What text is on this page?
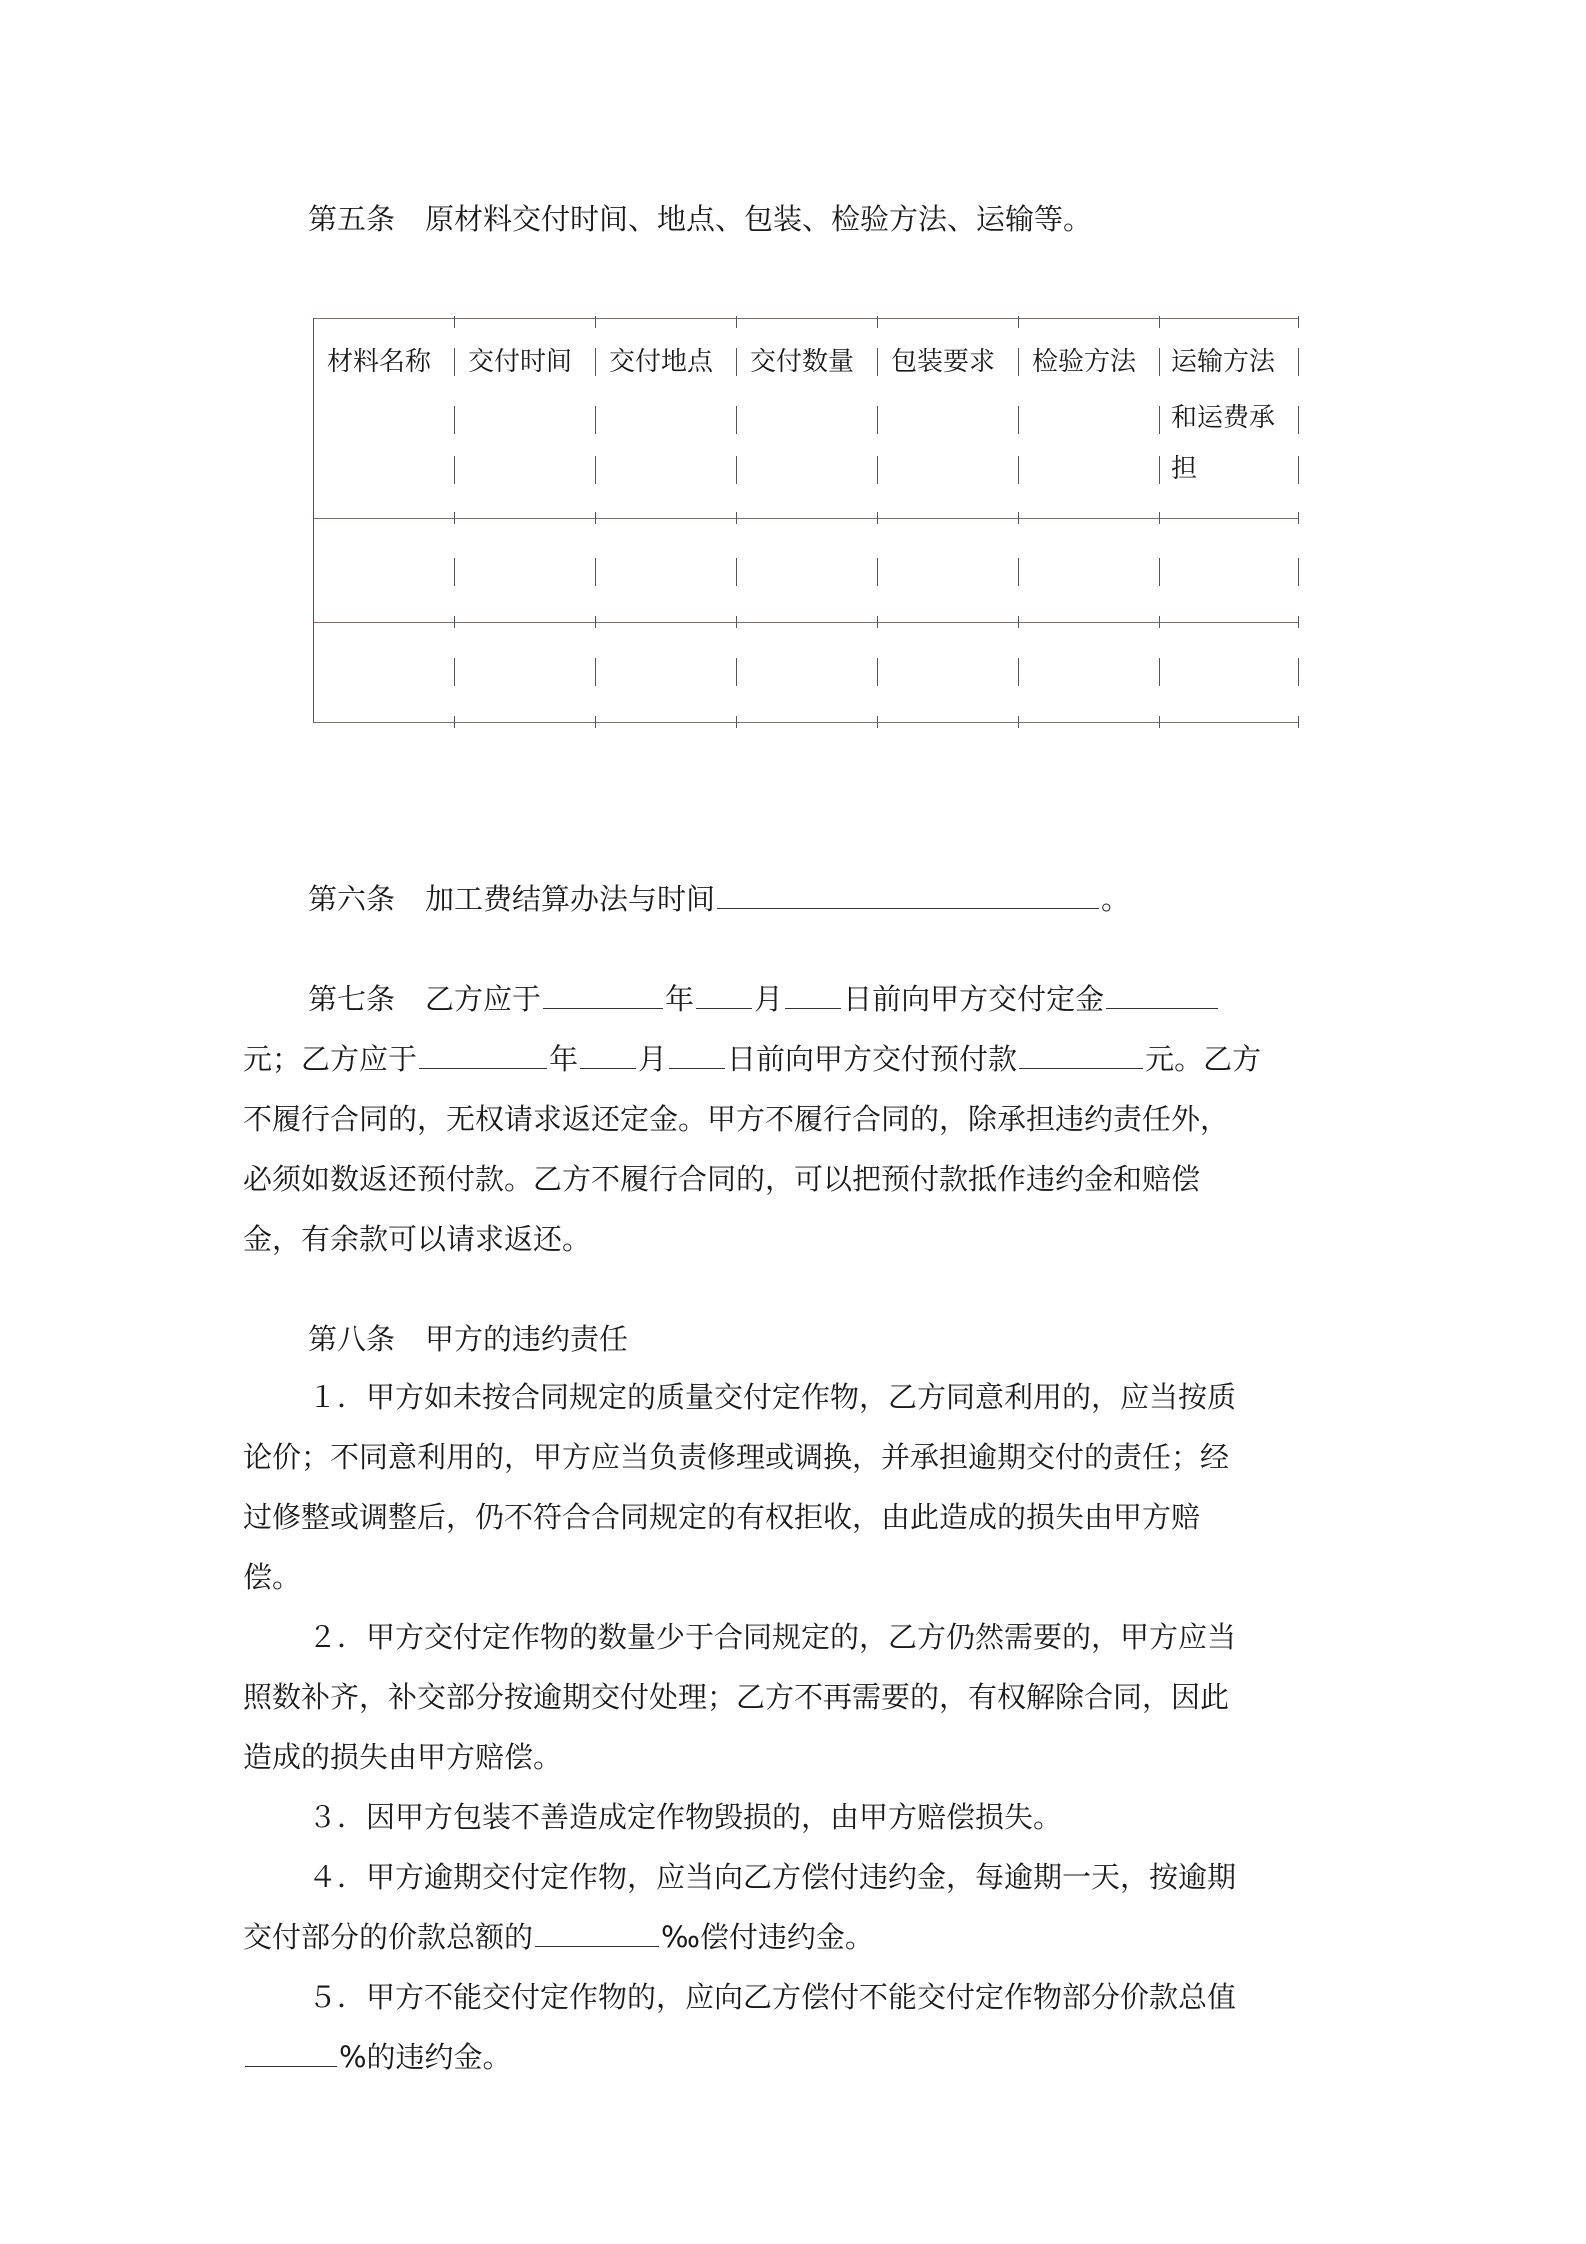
第五条 原材料交付时间、地点、包装、检验方法、运输等。
材料名称 交付时间 交付地点 交付数量 包装要求 检验方法 运输方法
和运费承
担
第六条 加工费结算办法与时间	。
第七条 乙方应于	年 月 日前向甲方交付定金
元；乙方应于	年 月 日前向甲方交付预付款	元。乙方
不履行合同的，无权请求返还定金。甲方不履行合同的，除承担违约责任外，
必须如数返还预付款。乙方不履行合同的，可以把预付款抵作违约金和赔偿
金，有余款可以请求返还。
第八条 甲方的违约责任
１．甲方如未按合同规定的质量交付定作物，乙方同意利用的，应当按质
论价；不同意利用的，甲方应当负责修理或调换，并承担逾期交付的责任；经
过修整或调整后，仍不符合合同规定的有权拒收，由此造成的损失由甲方赔
偿。
２．甲方交付定作物的数量少于合同规定的，乙方仍然需要的，甲方应当
照数补齐，补交部分按逾期交付处理；乙方不再需要的，有权解除合同，因此
造成的损失由甲方赔偿。
３．因甲方包装不善造成定作物毁损的，由甲方赔偿损失。
４．甲方逾期交付定作物，应当向乙方偿付违约金，每逾期一天，按逾期
交付部分的价款总额的	‰偿付违约金。
５．甲方不能交付定作物的，应向乙方偿付不能交付定作物部分价款总值
%的违约金。
